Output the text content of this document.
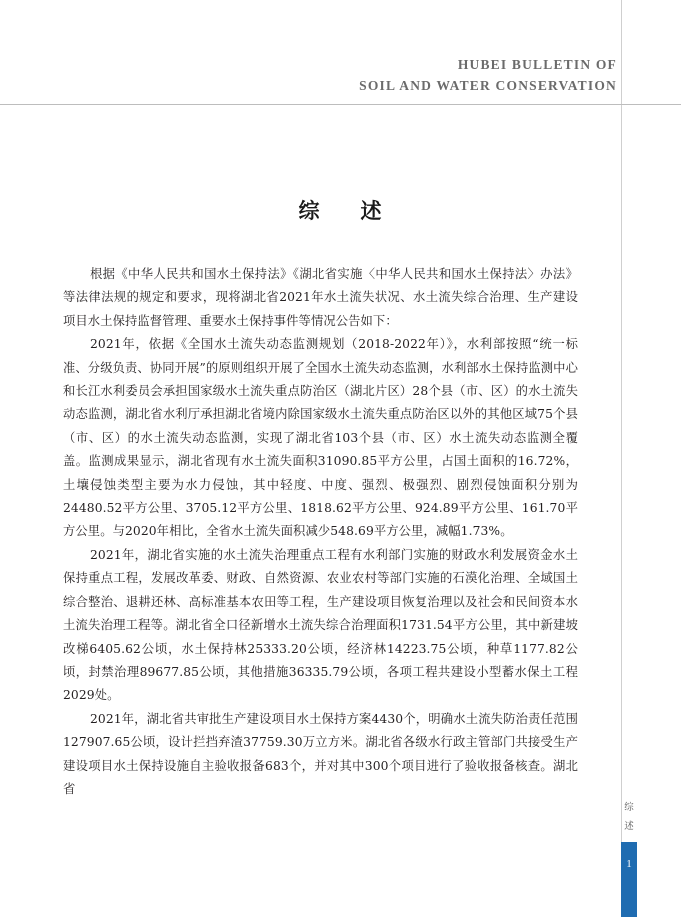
HUBEI BULLETIN OF
SOIL AND WATER CONSERVATION
综 述

根据《中华人民共和国水土保持法》《湖北省实施〈中华人民共和国水土保持法〉办法》等法律法规的规定和要求，现将湖北省2021年水土流失状况、水土流失综合治理、生产建设项目水土保持监督管理、重要水土保持事件等情况公告如下：

2021年，依据《全国水土流失动态监测规划（2018-2022年）》，水利部按照“统一标准、分级负责、协同开展”的原则组织开展了全国水土流失动态监测，水利部水土保持监测中心和长江水利委员会承担国家级水土流失重点防治区（湖北片区）28个县（市、区）的水土流失动态监测，湖北省水利厅承担湖北省境内除国家级水土流失重点防治区以外的其他区域75个县（市、区）的水土流失动态监测，实现了湖北省103个县（市、区）水土流失动态监测全覆盖。监测成果显示，湖北省现有水土流失面积31090.85平方公里，占国土面积的16.72%，土壤侵蚀类型主要为水力侵蚀，其中轻度、中度、强烈、极强烈、剧烈侵蚀面积分别为24480.52平方公里、3705.12平方公里、1818.62平方公里、924.89平方公里、161.70平方公里。与2020年相比，全省水土流失面积减少548.69平方公里，减幅1.73%。

2021年，湖北省实施的水土流失治理重点工程有水利部门实施的财政水利发展资金水土保持重点工程，发展改革委、财政、自然资源、农业农村等部门实施的石漠化治理、全域国土综合整治、退耕还林、高标准基本农田等工程，生产建设项目恢复治理以及社会和民间资本水土流失治理工程等。湖北省全口径新增水土流失综合治理面积1731.54平方公里，其中新建坡改梯6405.62公顷，水土保持林25333.20公顷，经济林14223.75公顷，种草1177.82公顷，封禁治理89677.85公顷，其他措施36335.79公顷，各项工程共建设小型蓄水保土工程2029处。

2021年，湖北省共审批生产建设项目水土保持方案4430个，明确水土流失防治责任范围127907.65公顷，设计拦挡弃渣37759.30万立方米。湖北省各级水行政主管部门共接受生产建设项目水土保持设施自主验收报备683个，并对其中300个项目进行了验收报备核查。湖北省

综
述
1
